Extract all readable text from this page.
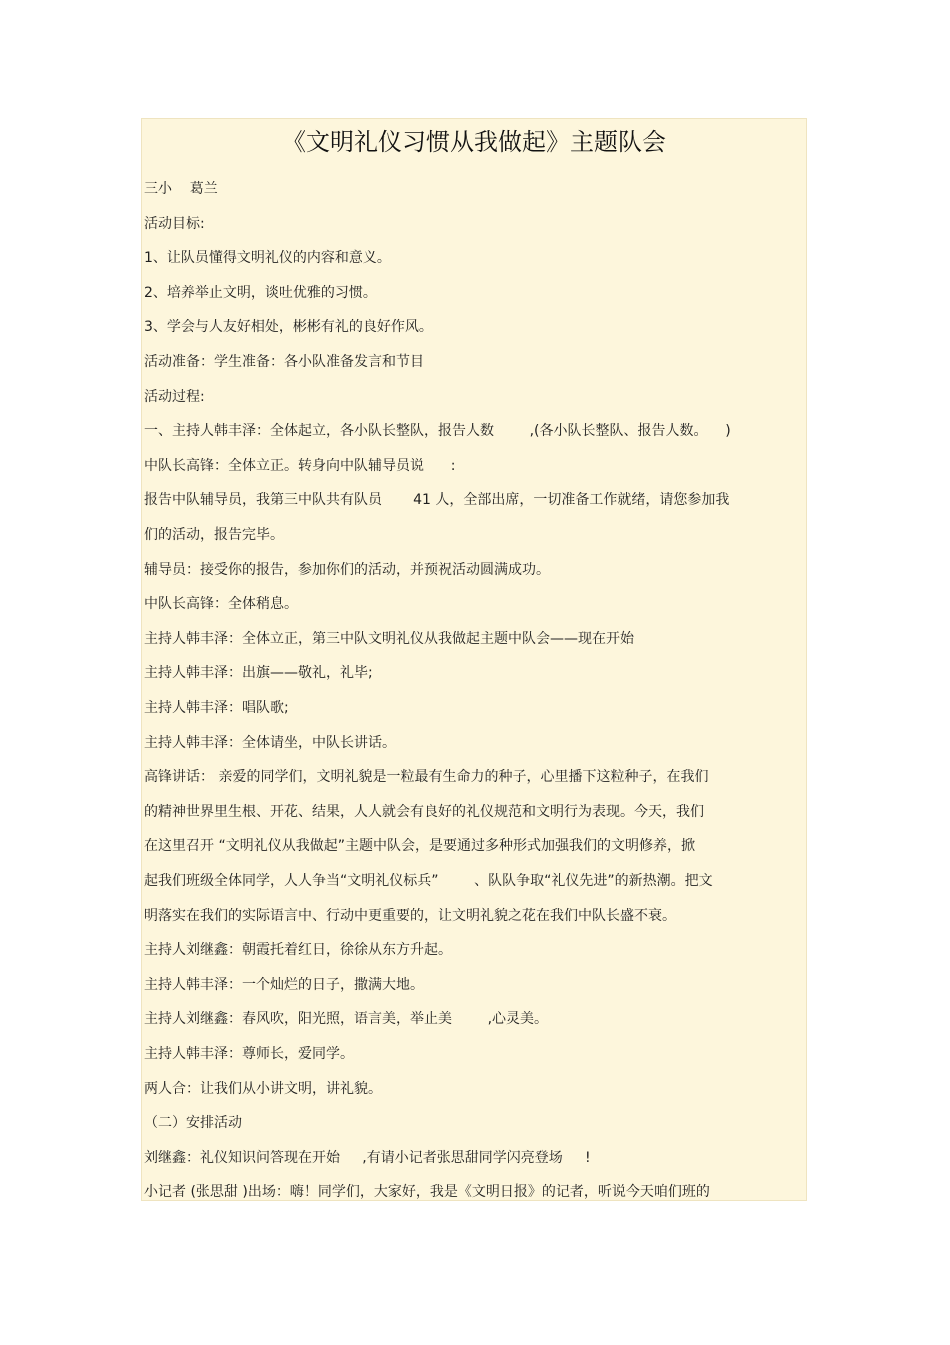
《文明礼仪习惯从我做起》主题队会
三小    葛兰
活动目标:
1、让队员懂得文明礼仪的内容和意义。
2、培养举止文明，谈吐优雅的习惯。
3、学会与人友好相处，彬彬有礼的良好作风。
活动准备：学生准备：各小队准备发言和节目
活动过程:
一、主持人韩丰泽：全体起立，各小队长整队，报告人数        ,(各小队长整队、报告人数。    )
中队长高锋：全体立正。转身向中队辅导员说      :
报告中队辅导员，我第三中队共有队员       41 人，全部出席，一切准备工作就绪，请您参加我
们的活动，报告完毕。
辅导员：接受你的报告，参加你们的活动，并预祝活动圆满成功。
中队长高锋：全体稍息。
主持人韩丰泽：全体立正，第三中队文明礼仪从我做起主题中队会——现在开始
主持人韩丰泽：出旗——敬礼，礼毕;
主持人韩丰泽：唱队歌;
主持人韩丰泽：全体请坐，中队长讲话。
高锋讲话： 亲爱的同学们，文明礼貌是一粒最有生命力的种子，心里播下这粒种子，在我们
的精神世界里生根、开花、结果，人人就会有良好的礼仪规范和文明行为表现。今天，我们
在这里召开 “文明礼仪从我做起”主题中队会，是要通过多种形式加强我们的文明修养，掀
起我们班级全体同学，人人争当“文明礼仪标兵”        、队队争取“礼仪先进”的新热潮。把文
明落实在我们的实际语言中、行动中更重要的，让文明礼貌之花在我们中队长盛不衰。
主持人刘继鑫：朝霞托着红日，徐徐从东方升起。
主持人韩丰泽：一个灿烂的日子，撒满大地。
主持人刘继鑫：春风吹，阳光照，语言美，举止美        ,心灵美。
主持人韩丰泽：尊师长，爱同学。
两人合：让我们从小讲文明，讲礼貌。
（二）安排活动
刘继鑫：礼仪知识问答现在开始     ,有请小记者张思甜同学闪亮登场     !
小记者 (张思甜 )出场：嗨！同学们，大家好，我是《文明日报》的记者，听说今天咱们班的
